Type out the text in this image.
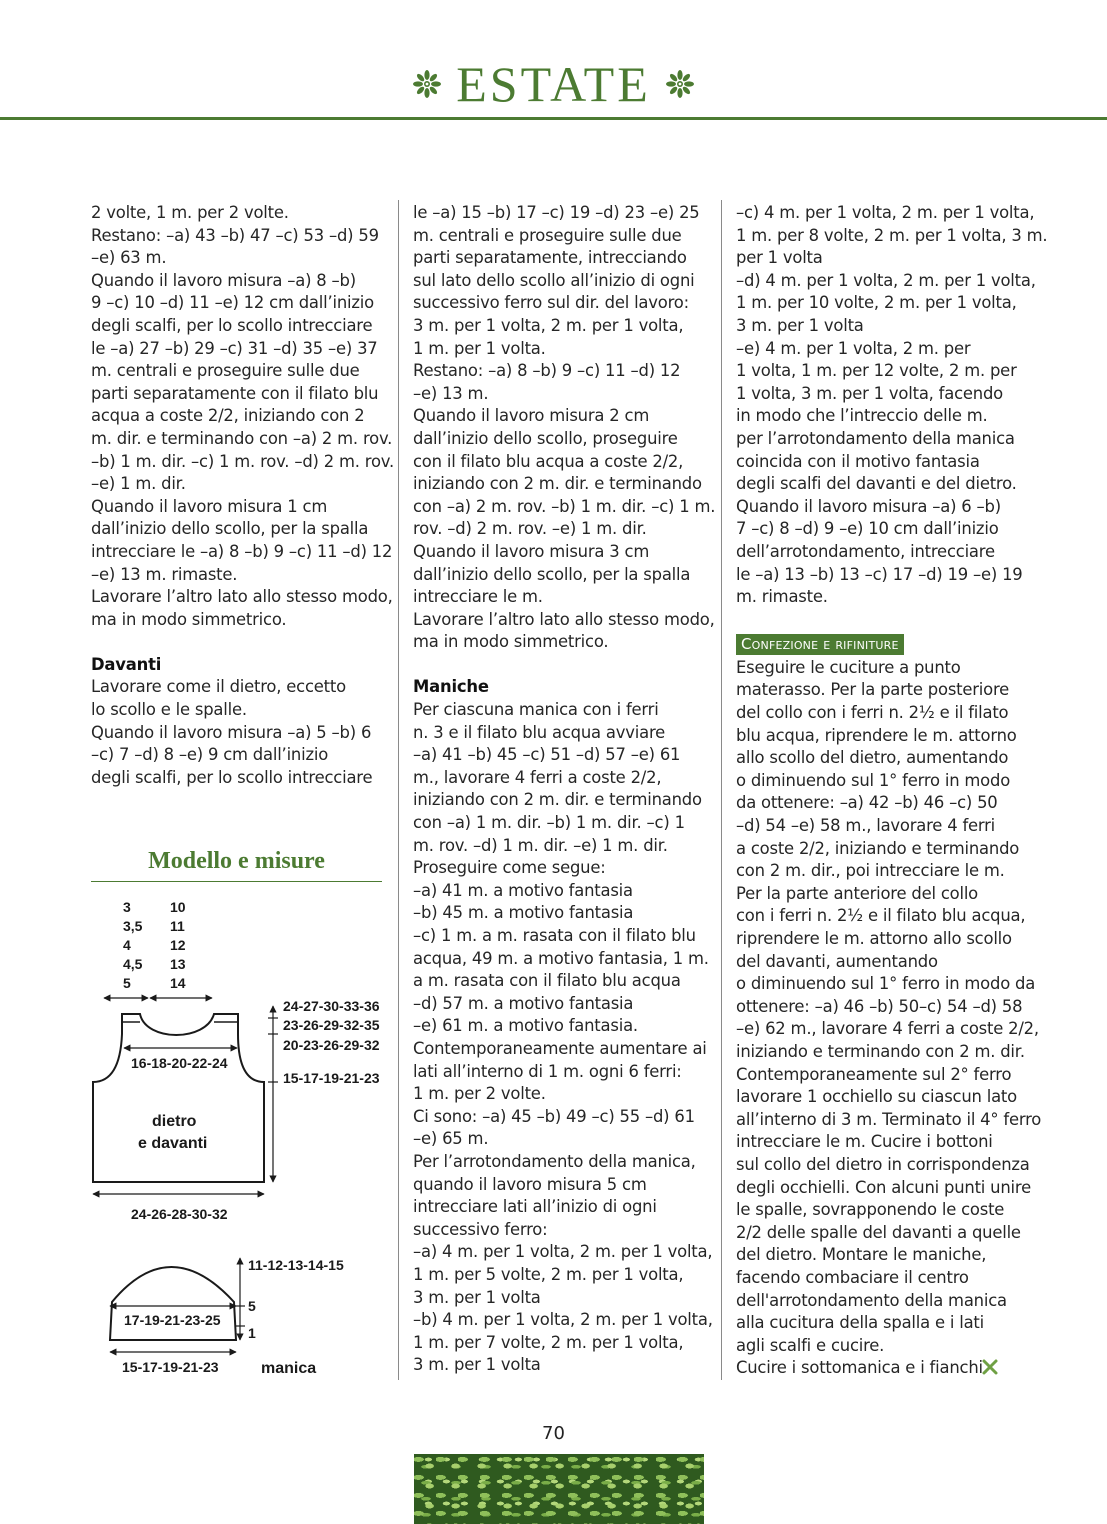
ESTATE

2 volte, 1 m. per 2 volte.

Restano: –a) 43 –b) 47 –c) 53 –d) 59

–e) 63 m.

Quando il lavoro misura –a) 8 –b)

9 –c) 10 –d) 11 –e) 12 cm dall’inizio

degli scalfi, per lo scollo intrecciare

le –a) 27 –b) 29 –c) 31 –d) 35 –e) 37

m. centrali e proseguire sulle due

parti separatamente con il filato blu

acqua a coste 2/2, iniziando con 2

m. dir. e terminando con –a) 2 m. rov.

–b) 1 m. dir. –c) 1 m. rov. –d) 2 m. rov.

–e) 1 m. dir.

Quando il lavoro misura 1 cm

dall’inizio dello scollo, per la spalla

intrecciare le –a) 8 –b) 9 –c) 11 –d) 12

–e) 13 m. rimaste.

Lavorare l’altro lato allo stesso modo,

ma in modo simmetrico.

Davanti

Lavorare come il dietro, eccetto

lo scollo e le spalle.

Quando il lavoro misura –a) 5 –b) 6

–c) 7 –d) 8 –e) 9 cm dall’inizio

degli scalfi, per lo scollo intrecciare

le –a) 15 –b) 17 –c) 19 –d) 23 –e) 25

m. centrali e proseguire sulle due

parti separatamente, intrecciando

sul lato dello scollo all’inizio di ogni

successivo ferro sul dir. del lavoro:

3 m. per 1 volta, 2 m. per 1 volta,

1 m. per 1 volta.

Restano: –a) 8 –b) 9 –c) 11 –d) 12

–e) 13 m.

Quando il lavoro misura 2 cm

dall’inizio dello scollo, proseguire

con il filato blu acqua a coste 2/2,

iniziando con 2 m. dir. e terminando

con –a) 2 m. rov. –b) 1 m. dir. –c) 1 m.

rov. –d) 2 m. rov. –e) 1 m. dir.

Quando il lavoro misura 3 cm

dall’inizio dello scollo, per la spalla

intrecciare le m.

Lavorare l’altro lato allo stesso modo,

ma in modo simmetrico.

Maniche

Per ciascuna manica con i ferri

n. 3 e il filato blu acqua avviare

–a) 41 –b) 45 –c) 51 –d) 57 –e) 61

m., lavorare 4 ferri a coste 2/2,

iniziando con 2 m. dir. e terminando

con –a) 1 m. dir. –b) 1 m. dir. –c) 1

m. rov. –d) 1 m. dir. –e) 1 m. dir.

Proseguire come segue:

–a) 41 m. a motivo fantasia

–b) 45 m. a motivo fantasia

–c) 1 m. a m. rasata con il filato blu

acqua, 49 m. a motivo fantasia, 1 m.

a m. rasata con il filato blu acqua

–d) 57 m. a motivo fantasia

–e) 61 m. a motivo fantasia.

Contemporaneamente aumentare ai

lati all’interno di 1 m. ogni 6 ferri:

1 m. per 2 volte.

Ci sono: –a) 45 –b) 49 –c) 55 –d) 61

–e) 65 m.

Per l’arrotondamento della manica,

quando il lavoro misura 5 cm

intrecciare lati all’inizio di ogni

successivo ferro:

–a) 4 m. per 1 volta, 2 m. per 1 volta,

1 m. per 5 volte, 2 m. per 1 volta,

3 m. per 1 volta

–b) 4 m. per 1 volta, 2 m. per 1 volta,

1 m. per 7 volte, 2 m. per 1 volta,

3 m. per 1 volta

–c) 4 m. per 1 volta, 2 m. per 1 volta,

1 m. per 8 volte, 2 m. per 1 volta, 3 m.

per 1 volta

–d) 4 m. per 1 volta, 2 m. per 1 volta,

1 m. per 10 volte, 2 m. per 1 volta,

3 m. per 1 volta

–e) 4 m. per 1 volta, 2 m. per

1 volta, 1 m. per 12 volte, 2 m. per

1 volta, 3 m. per 1 volta, facendo

in modo che l’intreccio delle m.

per l’arrotondamento della manica

coincida con il motivo fantasia

degli scalfi del davanti e del dietro.

Quando il lavoro misura –a) 6 –b)

7 –c) 8 –d) 9 –e) 10 cm dall’inizio

dell’arrotondamento, intrecciare

le –a) 13 –b) 13 –c) 17 –d) 19 –e) 19

m. rimaste.

Confezione e rifiniture

Eseguire le cuciture a punto

materasso. Per la parte posteriore

del collo con i ferri n. 2½ e il filato

blu acqua, riprendere le m. attorno

allo scollo del dietro, aumentando

o diminuendo sul 1° ferro in modo

da ottenere: –a) 42 –b) 46 –c) 50

–d) 54 –e) 58 m., lavorare 4 ferri

a coste 2/2, iniziando e terminando

con 2 m. dir., poi intrecciare le m.

Per la parte anteriore del collo

con i ferri n. 2½ e il filato blu acqua,

riprendere le m. attorno allo scollo

del davanti, aumentando

o diminuendo sul 1° ferro in modo da

ottenere: –a) 46 –b) 50–c) 54 –d) 58

–e) 62 m., lavorare 4 ferri a coste 2/2,

iniziando e terminando con 2 m. dir.

Contemporaneamente sul 2° ferro

lavorare 1 occhiello su ciascun lato

all’interno di 3 m. Terminato il 4° ferro

intrecciare le m. Cucire i bottoni

sul collo del dietro in corrispondenza

degli occhielli. Con alcuni punti unire

le spalle, sovrapponendo le coste

2/2 delle spalle del davanti a quelle

del dietro. Montare le maniche,

facendo combaciare il centro

dell'arrotondamento della manica

alla cucitura della spalla e i lati

agli scalfi e cucire.

Cucire i sottomanica e i fianchi.

Modello e misure
3
3,5
4
4,5
5
10
11
12
13
14
16-18-20-22-24
dietro
e davanti
24-27-30-33-36
23-26-29-32-35
20-23-26-29-32
15-17-19-21-23
24-26-28-30-32
17-19-21-23-25
11-12-13-14-15
5
1
15-17-19-21-23	manica
70
